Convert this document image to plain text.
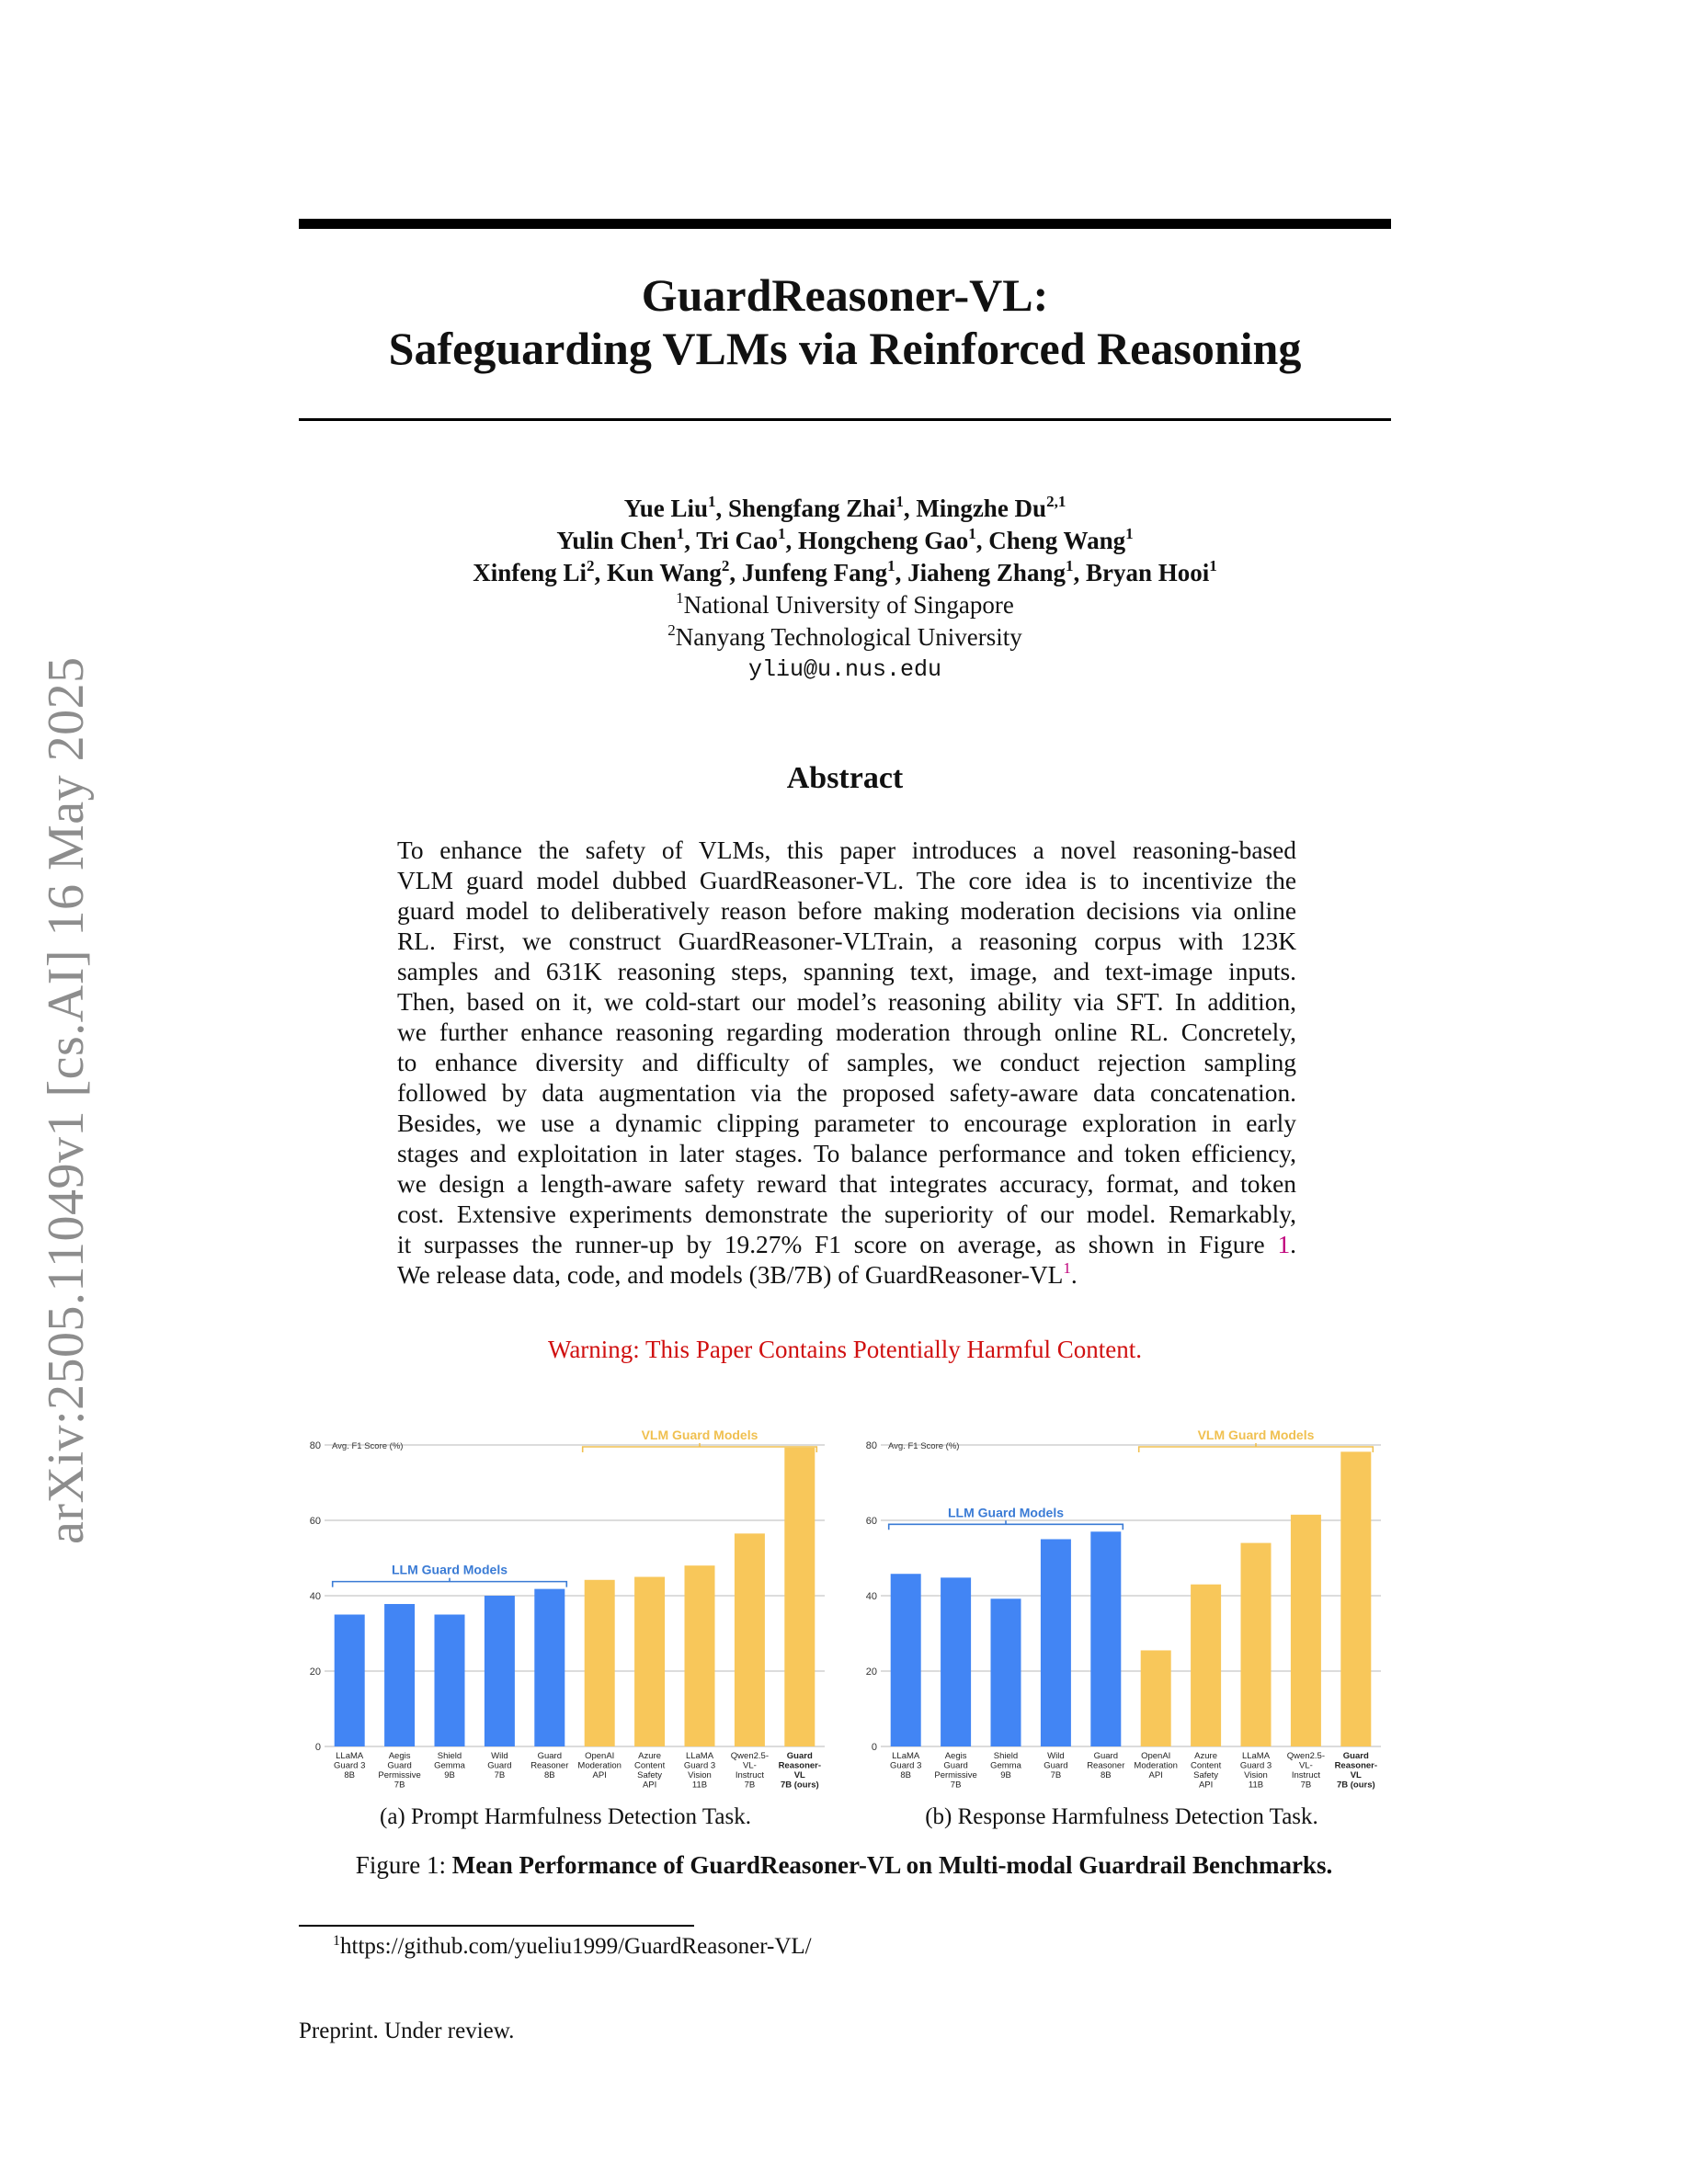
arXiv:2505.11049v1 [cs.AI] 16 May 2025
GuardReasoner-VL:
Safeguarding VLMs via Reinforced Reasoning
Yue Liu$^1$, Shengfang Zhai$^1$, Mingzhe Du$^{2,1}$
Yulin Chen$^1$, Tri Cao$^1$, Hongcheng Gao$^1$, Cheng Wang$^1$
Xinfeng Li$^2$, Kun Wang$^2$, Junfeng Fang$^1$, Jiaheng Zhang$^1$, Bryan Hooi$^1$
$^1$National University of Singapore
$^2$Nanyang Technological University
yliu@u.nus.edu
Abstract
To enhance the safety of VLMs, this paper introduces a novel reasoning-based
VLM guard model dubbed GuardReasoner-VL. The core idea is to incentivize the
guard model to deliberatively reason before making moderation decisions via online
RL. First, we construct GuardReasoner-VLTrain, a reasoning corpus with 123K
samples and 631K reasoning steps, spanning text, image, and text-image inputs.
Then, based on it, we cold-start our model’s reasoning ability via SFT. In addition,
we further enhance reasoning regarding moderation through online RL. Concretely,
to enhance diversity and difficulty of samples, we conduct rejection sampling
followed by data augmentation via the proposed safety-aware data concatenation.
Besides, we use a dynamic clipping parameter to encourage exploration in early
stages and exploitation in later stages. To balance performance and token efficiency,
we design a length-aware safety reward that integrates accuracy, format, and token
cost. Extensive experiments demonstrate the superiority of our model. Remarkably,
it surpasses the runner-up by 19.27% F1 score on average, as shown in Figure 1.
We release data, code, and models (3B/7B) of GuardReasoner-$VL^1$.
Warning: This Paper Contains Potentially Harmful Content.
0
20
40
60
80 Avg. F1 Score (%)
LLaMA
Guard 3
8B
Aegis
Guard
Permissive
7B
Shield
Gemma
9B
Wild
Guard
7B
Guard
Reasoner
8B
OpenAI
Moderation
API
Azure
Content
Safety
API
LLaMA
Guard 3
Vision
11B
Qwen2.5-
VL-
Instruct
7B
Guard
Reasoner-
VL
7B (ours)
LLM Guard Models
VLM Guard Models
0
20
40
60
80 Avg. F1 Score (%)
LLaMA
Guard 3
8B
Aegis
Guard
Permissive
7B
Shield
Gemma
9B
Wild
Guard
7B
Guard
Reasoner
8B
OpenAI
Moderation
API
Azure
Content
Safety
API
LLaMA
Guard 3
Vision
11B
Qwen2.5-
VL-
Instruct
7B
Guard
Reasoner-
VL
7B (ours)
LLM Guard Models
VLM Guard Models
(a) Prompt Harmfulness Detection Task.	(b) Response Harmfulness Detection Task.
Figure 1: Mean Performance of GuardReasoner-VL on Multi-modal Guardrail Benchmarks.
$^1$https://github.com/yueliu1999/GuardReasoner-VL/
Preprint. Under review.
